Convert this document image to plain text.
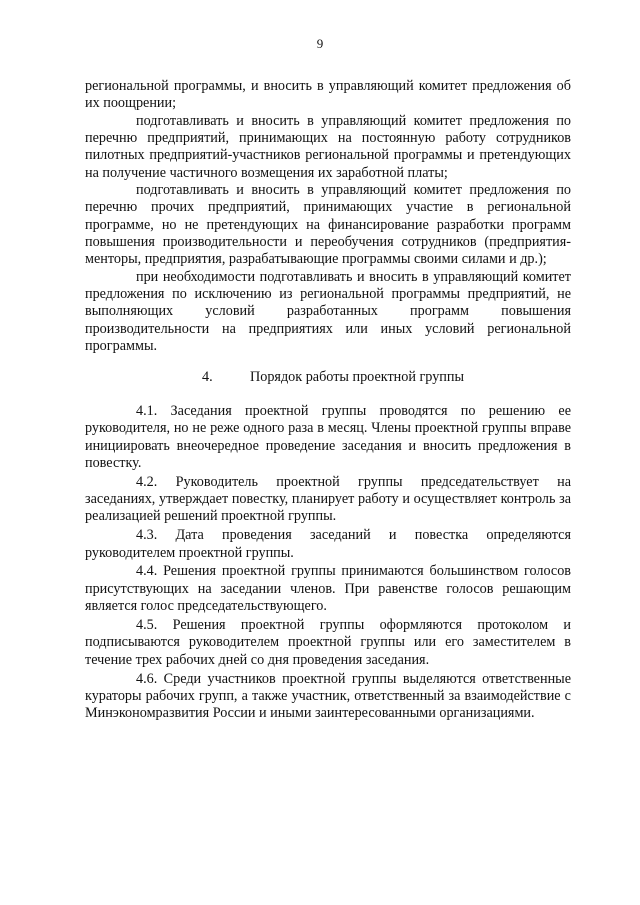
9

региональной программы, и вносить в управляющий комитет предложения об их поощрении;

подготавливать и вносить в управляющий комитет предложения по перечню предприятий, принимающих на постоянную работу сотрудников пилотных предприятий-участников региональной программы и претендующих на получение частичного возмещения их заработной платы;

подготавливать и вносить в управляющий комитет предложения по перечню прочих предприятий, принимающих участие в региональной программе, но не претендующих на финансирование разработки программ повышения производительности и переобучения сотрудников (предприятия-менторы, предприятия, разрабатывающие программы своими силами и др.);

при необходимости подготавливать и вносить в управляющий комитет предложения по исключению из региональной программы предприятий, не выполняющих условий разработанных программ повышения производительности на предприятиях или иных условий региональной программы.

4.	Порядок работы проектной группы

4.1. Заседания проектной группы проводятся по решению ее руководителя, но не реже одного раза в месяц. Члены проектной группы вправе инициировать внеочередное проведение заседания и вносить предложения в повестку.

4.2. Руководитель проектной группы председательствует на заседаниях, утверждает повестку, планирует работу и осуществляет контроль за реализацией решений проектной группы.

4.3. Дата проведения заседаний и повестка определяются руководителем проектной группы.

4.4. Решения проектной группы принимаются большинством голосов присутствующих на заседании членов. При равенстве голосов решающим является голос председательствующего.

4.5. Решения проектной группы оформляются протоколом и подписываются руководителем проектной группы или его заместителем в течение трех рабочих дней со дня проведения заседания.

4.6. Среди участников проектной группы выделяются ответственные кураторы рабочих групп, а также участник, ответственный за взаимодействие с Минэкономразвития России и иными заинтересованными организациями.
